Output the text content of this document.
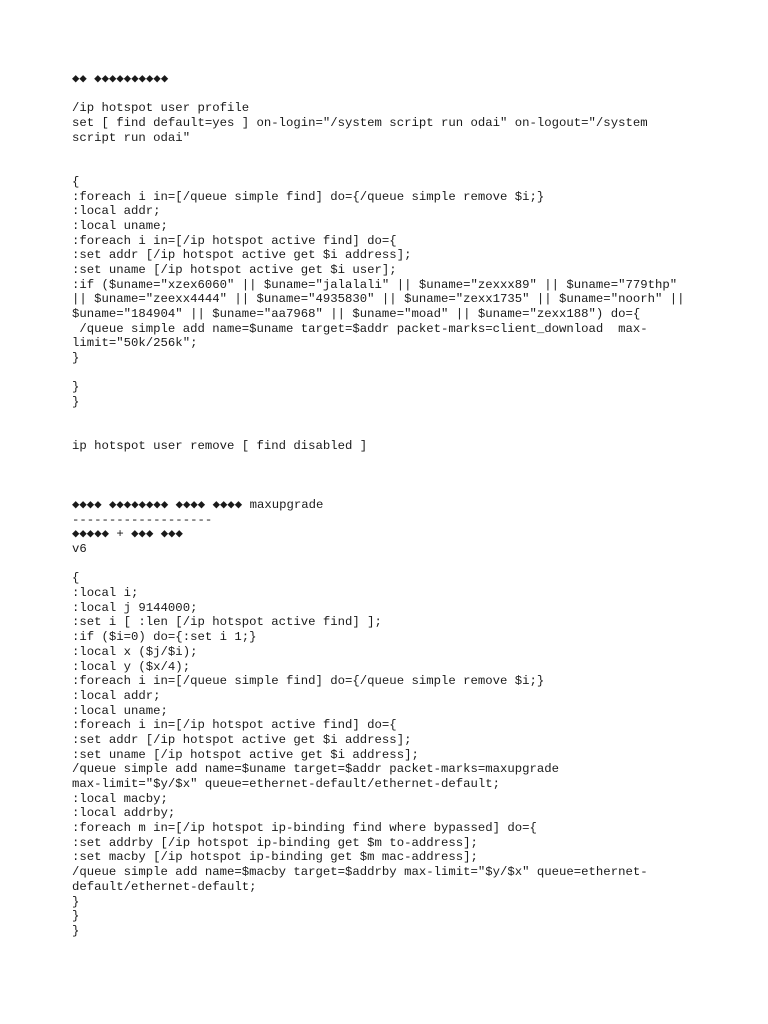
◆◆ ◆◆◆◆◆◆◆◆◆◆
/ip hotspot user profile
set [ find default=yes ] on-login="/system script run odai" on-logout="/system
script run odai"
{
:foreach i in=[/queue simple find] do={/queue simple remove $i;}
:local addr;
:local uname;
:foreach i in=[/ip hotspot active find] do={
:set addr [/ip hotspot active get $i address];
:set uname [/ip hotspot active get $i user];
:if ($uname="xzex6060" || $uname="jalalali" || $uname="zexxx89" || $uname="779thp"
|| $uname="zeexx4444" || $uname="4935830" || $uname="zexx1735" || $uname="noorh" ||
$uname="184904" || $uname="aa7968" || $uname="moad" || $uname="zexx188") do={
/queue simple add name=$uname target=$addr packet-marks=client_download  max-
limit="50k/256k";
}
}
}
ip hotspot user remove [ find disabled ]
◆◆◆◆ ◆◆◆◆◆◆◆◆ ◆◆◆◆ ◆◆◆◆ maxupgrade
-------------------
◆◆◆◆◆ + ◆◆◆ ◆◆◆
v6
{
:local i;
:local j 9144000;
:set i [ :len [/ip hotspot active find] ];
:if ($i=0) do={:set i 1;}
:local x ($j/$i);
:local y ($x/4);
:foreach i in=[/queue simple find] do={/queue simple remove $i;}
:local addr;
:local uname;
:foreach i in=[/ip hotspot active find] do={
:set addr [/ip hotspot active get $i address];
:set uname [/ip hotspot active get $i address];
/queue simple add name=$uname target=$addr packet-marks=maxupgrade
max-limit="$y/$x" queue=ethernet-default/ethernet-default;
:local macby;
:local addrby;
:foreach m in=[/ip hotspot ip-binding find where bypassed] do={
:set addrby [/ip hotspot ip-binding get $m to-address];
:set macby [/ip hotspot ip-binding get $m mac-address];
/queue simple add name=$macby target=$addrby max-limit="$y/$x" queue=ethernet-
default/ethernet-default;
}
}
}
